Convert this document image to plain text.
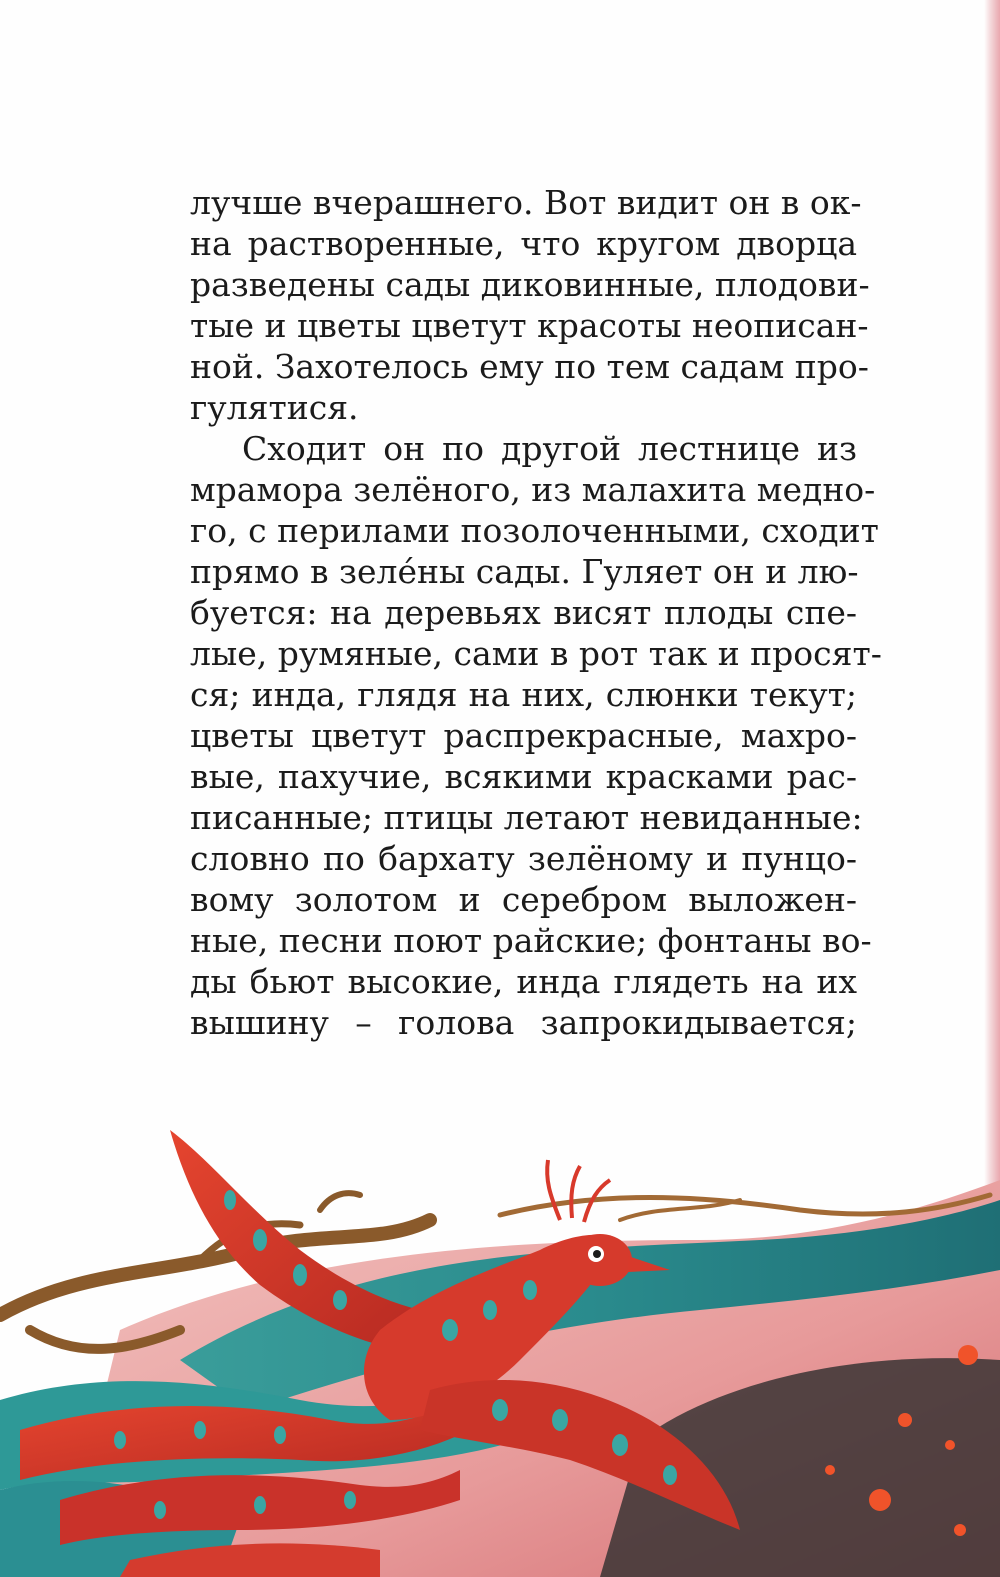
лучше вчерашнего. Вот видит он в ок-
на растворенные, что кругом дворца
разведены сады диковинные, плодови-
тые и цветы цветут красоты неописан-
ной. Захотелось ему по тем садам про-
гулятися.
Сходит он по другой лестнице из
мрамора зелёного, из малахита медно-
го, с перилами позолоченными, сходит
прямо в зеле́ны сады. Гуляет он и лю-
буется: на деревьях висят плоды спе-
лые, румяные, сами в рот так и просят-
ся; инда, глядя на них, слюнки текут;
цветы цветут распрекрасные, махро-
вые, пахучие, всякими красками рас-
писанные; птицы летают невиданные:
словно по бархату зелёному и пунцо-
вому золотом и серебром выложен-
ные, песни поют райские; фонтаны во-
ды бьют высокие, инда глядеть на их
вышину – голова запрокидывается;
